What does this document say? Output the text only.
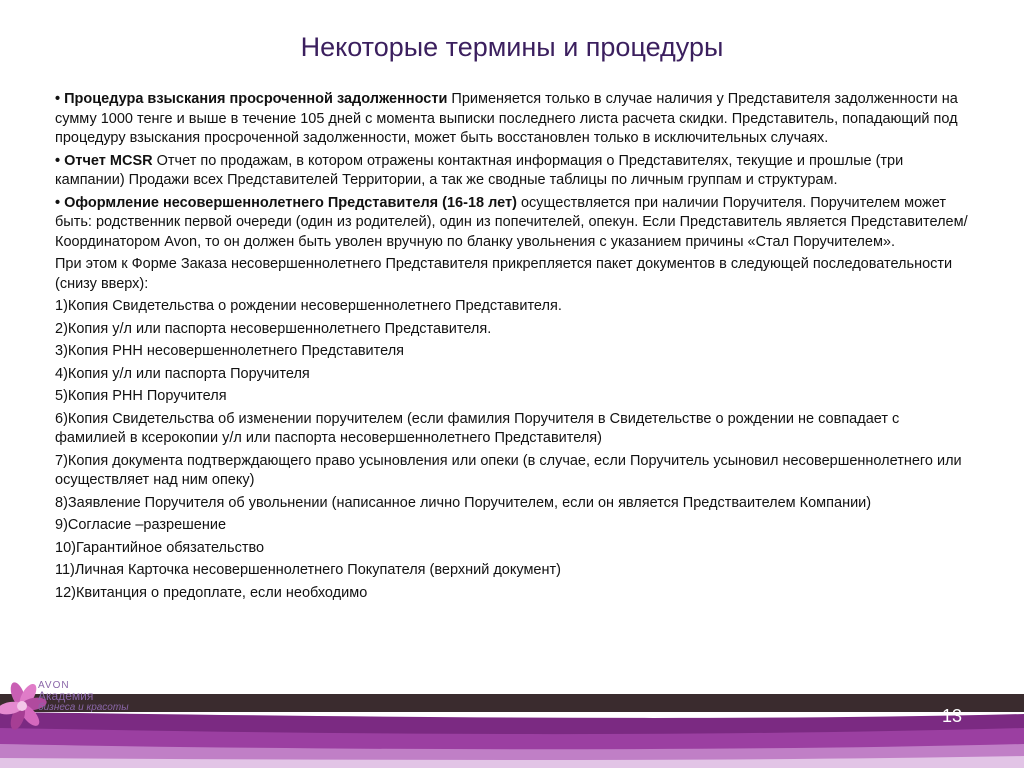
Некоторые термины и процедуры

• Процедура взыскания просроченной задолженности Применяется только в случае наличия у Представителя задолженности на сумму 1000 тенге и выше в течение 105 дней с момента выписки последнего листа расчета скидки. Представитель, попадающий под процедуру взыскания просроченной задолженности, может быть восстановлен только в исключительных случаях.

• Отчет MCSR Отчет по продажам, в котором отражены контактная информация о Представителях, текущие и прошлые (три кампании) Продажи всех Представителей Территории, а так же сводные таблицы по личным группам и структурам.

• Оформление несовершеннолетнего Представителя (16-18 лет) осуществляется при наличии Поручителя. Поручителем может быть: родственник первой очереди (один из родителей), один из попечителей, опекун. Если Представитель является Представителем/Координатором Avon, то он должен быть уволен вручную по бланку увольнения с указанием причины «Стал Поручителем».

При этом к Форме Заказа несовершеннолетнего Представителя прикрепляется пакет документов в следующей последовательности (снизу вверх):

1)Копия Свидетельства о рождении несовершеннолетнего Представителя.

2)Копия у/л или паспорта несовершеннолетнего Представителя.

3)Копия РНН несовершеннолетнего Представителя

4)Копия у/л или паспорта Поручителя

5)Копия РНН Поручителя

6)Копия Свидетельства об изменении поручителем (если фамилия Поручителя в Свидетельстве о рождении не совпадает с фамилией в ксерокопии у/л или паспорта несовершеннолетнего Представителя)

7)Копия документа подтверждающего право усыновления или опеки (в случае, если Поручитель усыновил несовершеннолетнего или осуществляет над ним опеку)

8)Заявление Поручителя об увольнении (написанное лично Поручителем, если он является Предстваителем Компании)

9)Согласие –разрешение

10)Гарантийное обязательство

11)Личная Карточка несовершеннолетнего Покупателя (верхний документ)

12)Квитанция о предоплате, если необходимо

AVON
Академия
бизнеса и красоты	13
